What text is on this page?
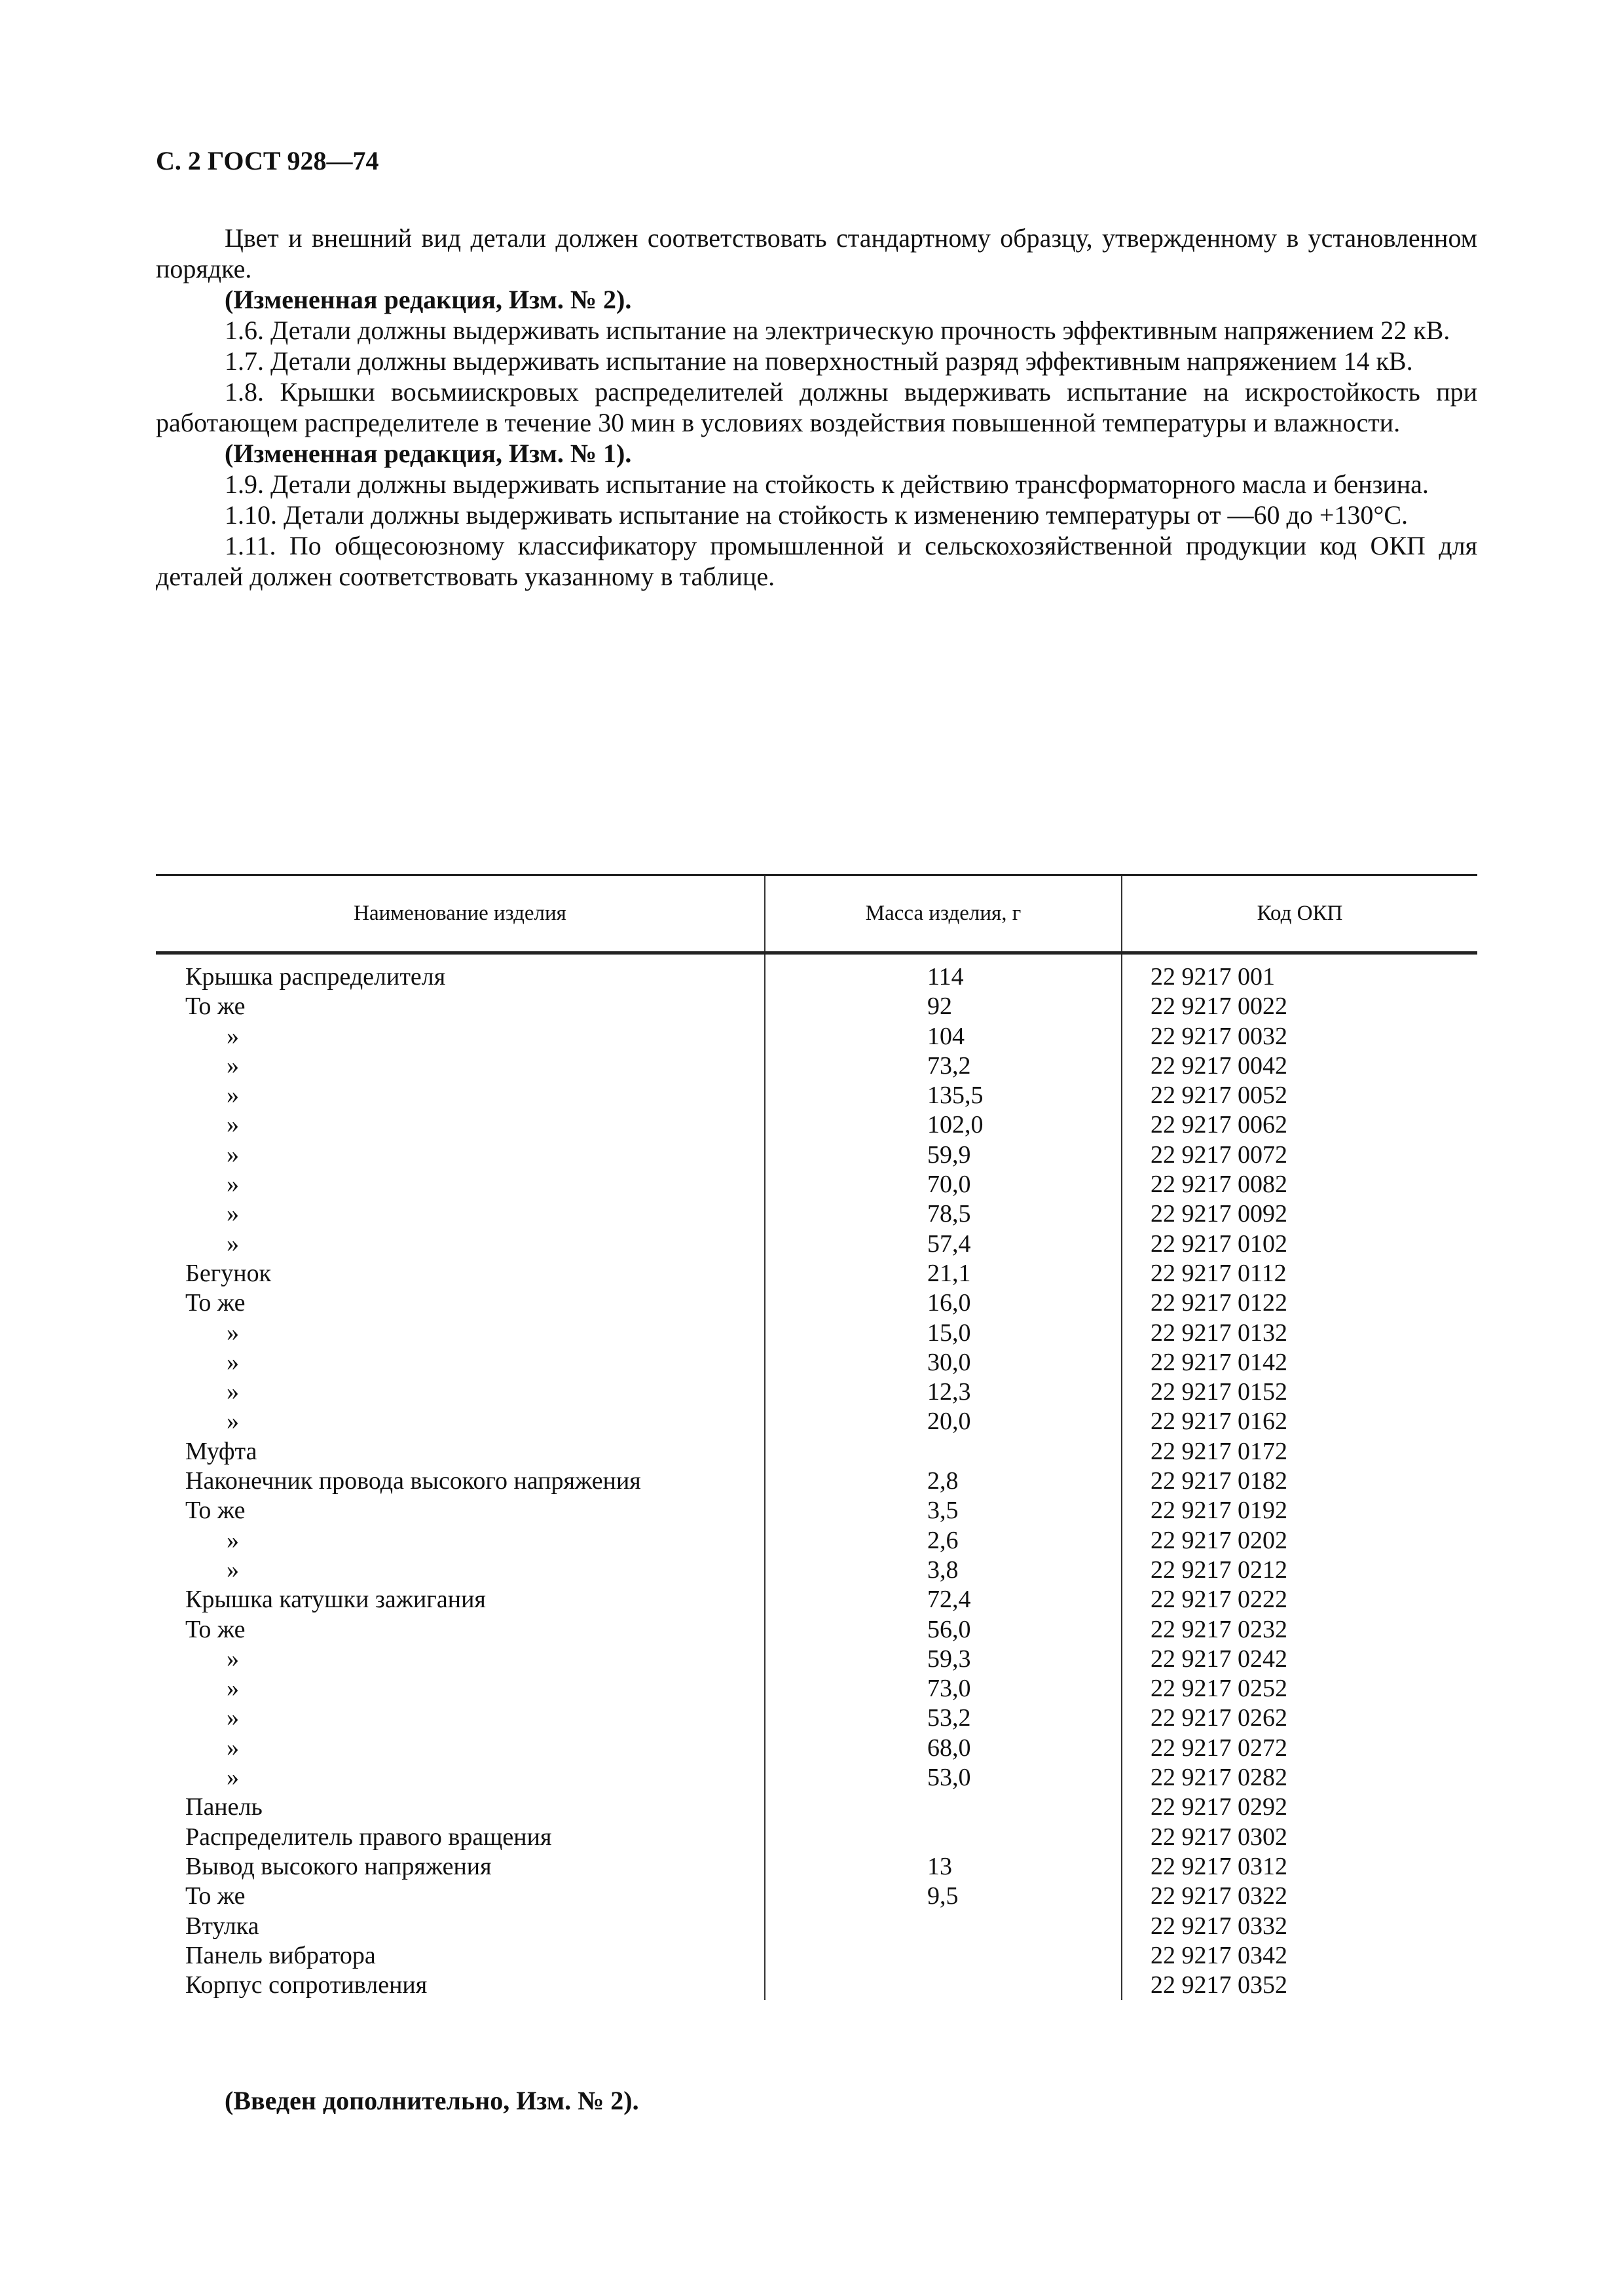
С. 2 ГОСТ 928—74

Цвет и внешний вид детали должен соответствовать стандартному образцу, утвержденному в установленном порядке.

(Измененная редакция, Изм. № 2).

1.6. Детали должны выдерживать испытание на электрическую прочность эффективным напряжением 22 кВ.

1.7. Детали должны выдерживать испытание на поверхностный разряд эффективным напряжением 14 кВ.

1.8. Крышки восьмиискровых распределителей должны выдерживать испытание на искростойкость при работающем распределителе в течение 30 мин в условиях воздействия повышенной температуры и влажности.

(Измененная редакция, Изм. № 1).

1.9. Детали должны выдерживать испытание на стойкость к действию трансформаторного масла и бензина.

1.10. Детали должны выдерживать испытание на стойкость к изменению температуры от —60 до +130°С.

1.11. По общесоюзному классификатору промышленной и сельскохозяйственной продукции код ОКП для деталей должен соответствовать указанному в таблице.

Наименование изделия	Масса изделия, г	Код ОКП
Крышка распределителя	114	22 9217 001
То же	92	22 9217 0022
»	104	22 9217 0032
»	73,2	22 9217 0042
»	135,5	22 9217 0052
»	102,0	22 9217 0062
»	59,9	22 9217 0072
»	70,0	22 9217 0082
»	78,5	22 9217 0092
»	57,4	22 9217 0102
Бегунок	21,1	22 9217 0112
То же	16,0	22 9217 0122
»	15,0	22 9217 0132
»	30,0	22 9217 0142
»	12,3	22 9217 0152
»	20,0	22 9217 0162
Муфта		22 9217 0172
Наконечник провода высокого напряжения	2,8	22 9217 0182
То же	3,5	22 9217 0192
»	2,6	22 9217 0202
»	3,8	22 9217 0212
Крышка катушки зажигания	72,4	22 9217 0222
То же	56,0	22 9217 0232
»	59,3	22 9217 0242
»	73,0	22 9217 0252
»	53,2	22 9217 0262
»	68,0	22 9217 0272
»	53,0	22 9217 0282
Панель		22 9217 0292
Распределитель правого вращения		22 9217 0302
Вывод высокого напряжения	13	22 9217 0312
То же	9,5	22 9217 0322
Втулка		22 9217 0332
Панель вибратора		22 9217 0342
Корпус сопротивления		22 9217 0352

(Введен дополнительно, Изм. № 2).
